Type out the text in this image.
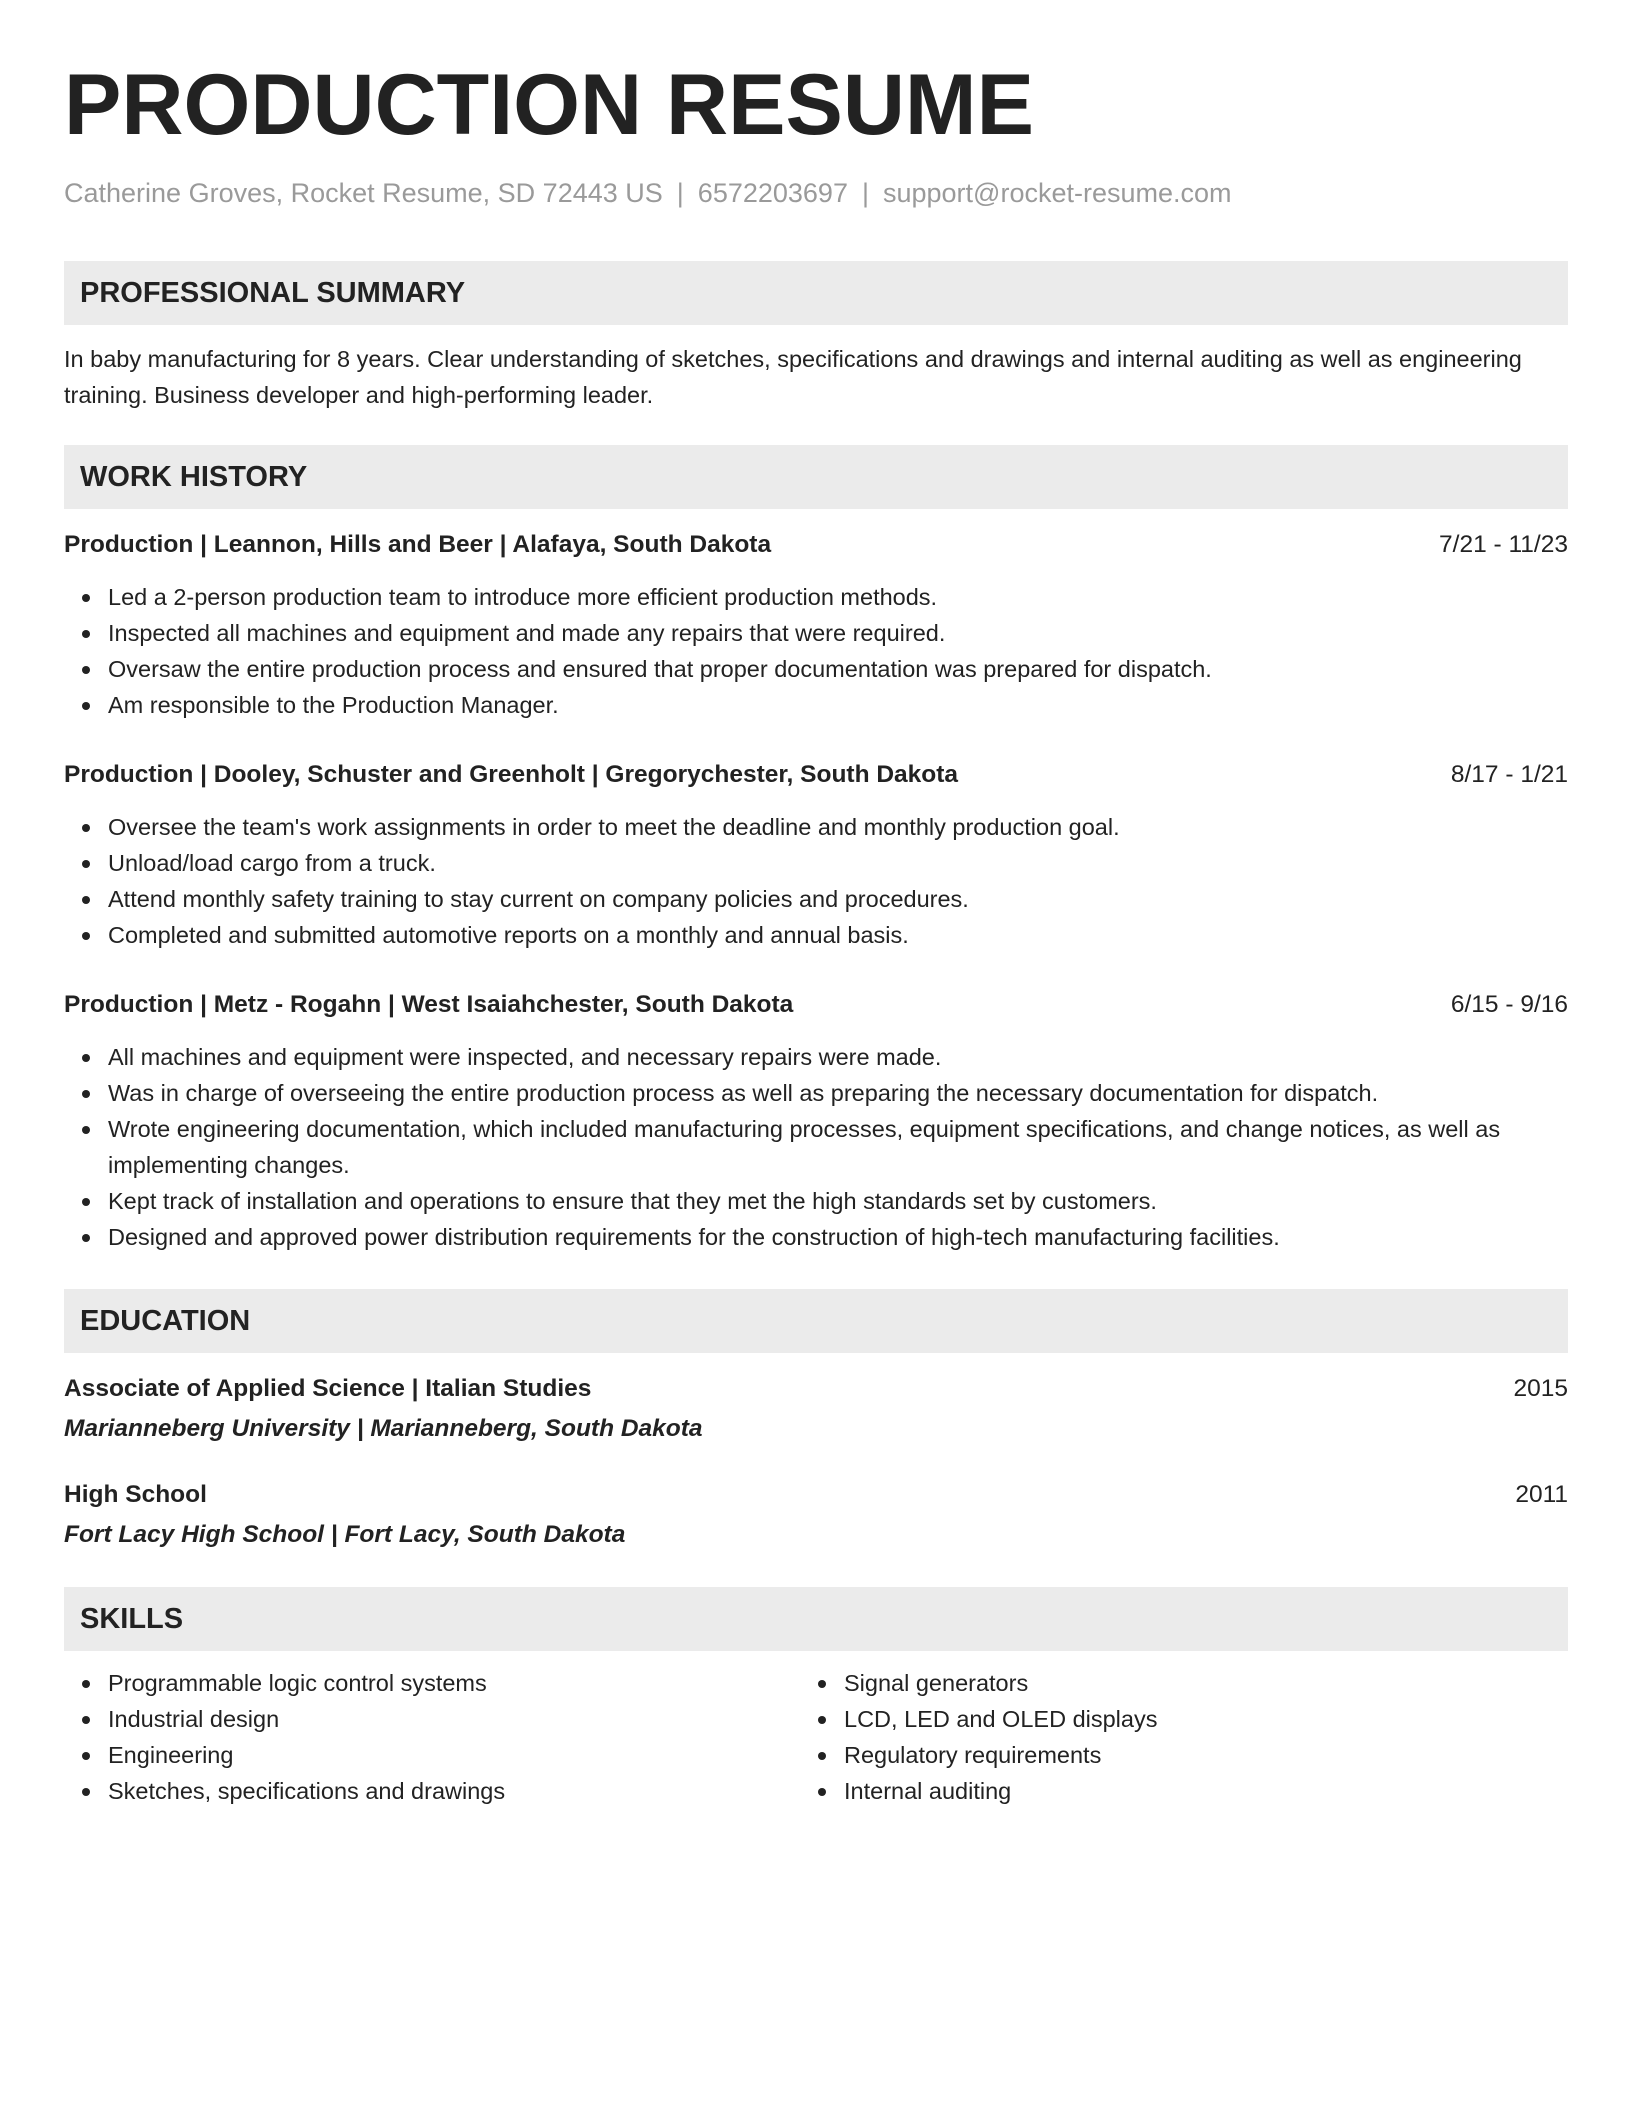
PRODUCTION RESUME
Catherine Groves, Rocket Resume, SD 72443 US | 6572203697 | support@rocket-resume.com
PROFESSIONAL SUMMARY

In baby manufacturing for 8 years. Clear understanding of sketches, specifications and drawings and internal auditing as well as engineering training. Business developer and high-performing leader.

WORK HISTORY
Production | Leannon, Hills and Beer | Alafaya, South Dakota	7/21 - 11/23
Led a 2-person production team to introduce more efficient production methods.
Inspected all machines and equipment and made any repairs that were required.
Oversaw the entire production process and ensured that proper documentation was prepared for dispatch.
Am responsible to the Production Manager.
Production | Dooley, Schuster and Greenholt | Gregorychester, South Dakota	8/17 - 1/21
Oversee the team's work assignments in order to meet the deadline and monthly production goal.
Unload/load cargo from a truck.
Attend monthly safety training to stay current on company policies and procedures.
Completed and submitted automotive reports on a monthly and annual basis.
Production | Metz - Rogahn | West Isaiahchester, South Dakota	6/15 - 9/16
All machines and equipment were inspected, and necessary repairs were made.
Was in charge of overseeing the entire production process as well as preparing the necessary documentation for dispatch.
Wrote engineering documentation, which included manufacturing processes, equipment specifications, and change notices, as well as implementing changes.
Kept track of installation and operations to ensure that they met the high standards set by customers.
Designed and approved power distribution requirements for the construction of high-tech manufacturing facilities.
EDUCATION
Associate of Applied Science | Italian Studies	2015
Marianneberg University | Marianneberg, South Dakota
High School	2011
Fort Lacy High School | Fort Lacy, South Dakota
SKILLS
Programmable logic control systems
Industrial design
Engineering
Sketches, specifications and drawings
Signal generators
LCD, LED and OLED displays
Regulatory requirements
Internal auditing
